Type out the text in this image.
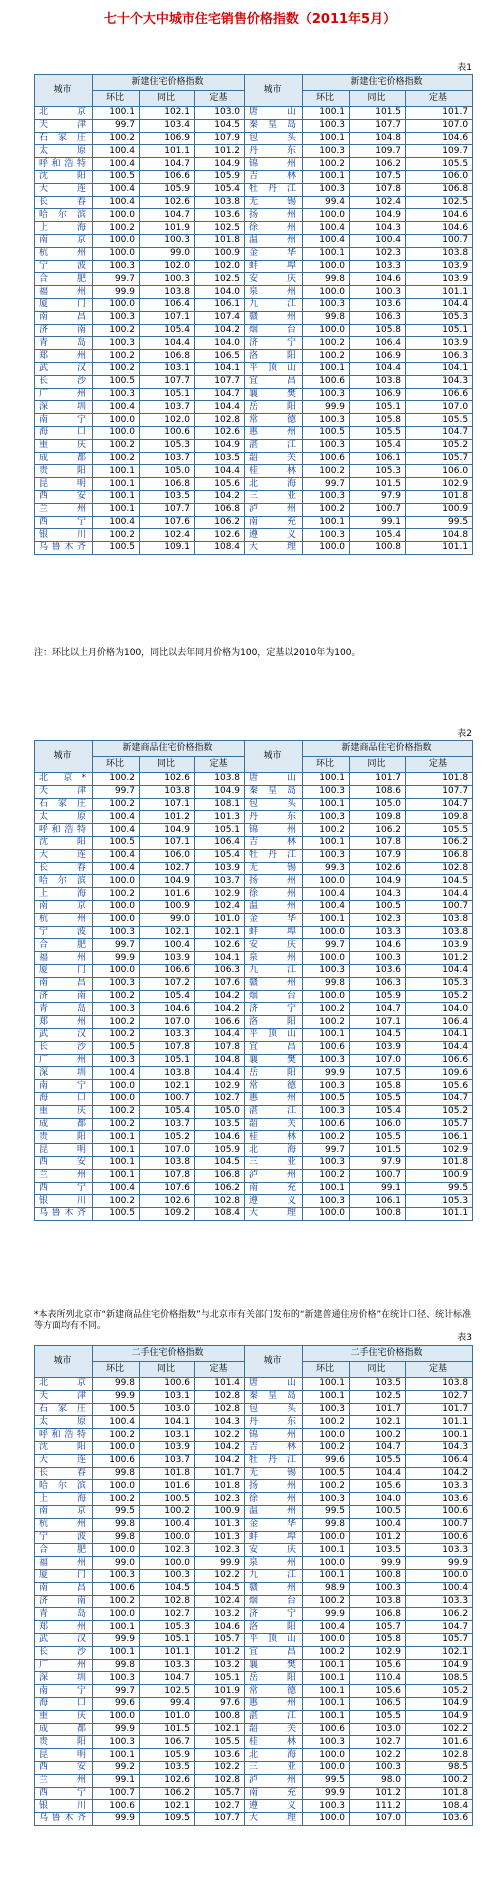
七十个大中城市住宅销售价格指数（2011年5月）
表1
城市	新建住宅价格指数			城市	新建住宅价格指数		
	环比	同比	定基		环比	同比	定基
北　京	100.1	102.1	103.0	唐　山	100.1	101.5	101.7
天　津	99.7	103.4	104.5	秦皇岛	100.3	107.7	107.0
石家庄	100.2	106.9	107.9	包　头	100.1	104.8	104.6
太　原	100.4	101.1	101.2	丹　东	100.3	109.7	109.7
呼和浩特	100.4	104.7	104.9	锦　州	100.2	106.2	105.5
沈　阳	100.5	106.6	105.9	吉　林	100.1	107.5	106.0
大　连	100.4	105.9	105.4	牡丹江	100.3	107.8	106.8
长　春	100.4	102.6	103.8	无　锡	99.4	102.4	102.5
哈尔滨	100.0	104.7	103.6	扬　州	100.0	104.9	104.6
上　海	100.2	101.9	102.5	徐　州	100.4	104.3	104.6
南　京	100.0	100.3	101.8	温　州	100.4	100.4	100.7
杭　州	100.0	99.0	100.9	金　华	100.1	102.3	103.8
宁　波	100.3	102.0	102.0	蚌　埠	100.0	103.3	103.9
合　肥	99.7	100.3	102.5	安　庆	99.8	104.6	103.9
福　州	99.9	103.8	104.0	泉　州	100.0	100.3	101.1
厦　门	100.0	106.4	106.1	九　江	100.3	103.6	104.4
南　昌	100.3	107.1	107.4	赣　州	99.8	106.3	105.3
济　南	100.2	105.4	104.2	烟　台	100.0	105.8	105.1
青　岛	100.3	104.4	104.0	济　宁	100.2	106.4	103.9
郑　州	100.2	106.8	106.5	洛　阳	100.2	106.9	106.3
武　汉	100.2	103.1	104.1	平顶山	100.1	104.4	104.1
长　沙	100.5	107.7	107.7	宜　昌	100.6	103.8	104.3
广　州	100.3	105.1	104.7	襄　樊	100.3	106.9	106.6
深　圳	100.4	103.7	104.4	岳　阳	99.9	105.1	107.0
南　宁	100.0	102.0	102.8	常　德	100.3	105.8	105.5
海　口	100.0	100.6	102.6	惠　州	100.5	105.5	104.7
重　庆	100.2	105.3	104.9	湛　江	100.3	105.4	105.2
成　都	100.2	103.7	103.5	韶　关	100.6	106.1	105.7
贵　阳	100.1	105.0	104.4	桂　林	100.2	105.3	106.0
昆　明	100.1	106.8	105.6	北　海	99.7	101.5	102.9
西　安	100.1	103.5	104.2	三　亚	100.3	97.9	101.8
兰　州	100.1	107.7	106.8	泸　州	100.2	100.7	100.9
西　宁	100.4	107.6	106.2	南　充	100.1	99.1	99.5
银　川	100.2	102.4	102.6	遵　义	100.3	105.4	104.8
乌鲁木齐	100.5	109.1	108.4	大　理	100.0	100.8	101.1
注：环比以上月价格为100，同比以去年同月价格为100，定基以2010年为100。
表2
城市	新建商品住宅价格指数			城市	新建商品住宅价格指数		
	环比	同比	定基		环比	同比	定基
北　京 *	100.2	102.6	103.8	唐　山	100.1	101.7	101.8
天　津	99.7	103.8	104.9	秦皇岛	100.3	108.6	107.7
石家庄	100.2	107.1	108.1	包　头	100.1	105.0	104.7
太　原	100.4	101.2	101.3	丹　东	100.3	109.8	109.8
呼和浩特	100.4	104.9	105.1	锦　州	100.2	106.2	105.5
沈　阳	100.5	107.1	106.4	吉　林	100.1	107.8	106.2
大　连	100.4	106.0	105.4	牡丹江	100.3	107.9	106.8
长　春	100.4	102.7	103.9	无　锡	99.3	102.6	102.8
哈尔滨	100.0	104.9	103.7	扬　州	100.0	104.9	104.5
上　海	100.2	101.6	102.9	徐　州	100.4	104.3	104.4
南　京	100.0	100.9	102.4	温　州	100.4	100.5	100.7
杭　州	100.0	99.0	101.0	金　华	100.1	102.3	103.8
宁　波	100.3	102.1	102.1	蚌　埠	100.0	103.3	103.8
合　肥	99.7	100.4	102.6	安　庆	99.7	104.6	103.9
福　州	99.9	103.9	104.1	泉　州	100.0	100.3	101.2
厦　门	100.0	106.6	106.3	九　江	100.3	103.6	104.4
南　昌	100.3	107.2	107.6	赣　州	99.8	106.3	105.3
济　南	100.2	105.4	104.2	烟　台	100.0	105.9	105.2
青　岛	100.3	104.6	104.2	济　宁	100.2	104.7	104.0
郑　州	100.2	107.0	106.6	洛　阳	100.2	107.1	106.4
武　汉	100.2	103.3	104.4	平顶山	100.1	104.5	104.1
长　沙	100.5	107.8	107.8	宜　昌	100.6	103.9	104.4
广　州	100.3	105.1	104.8	襄　樊	100.3	107.0	106.6
深　圳	100.4	103.8	104.4	岳　阳	99.9	107.5	109.6
南　宁	100.0	102.1	102.9	常　德	100.3	105.8	105.6
海　口	100.0	100.7	102.7	惠　州	100.5	105.5	104.7
重　庆	100.2	105.4	105.0	湛　江	100.3	105.4	105.2
成　都	100.2	103.7	103.5	韶　关	100.6	106.0	105.7
贵　阳	100.1	105.2	104.6	桂　林	100.2	105.5	106.1
昆　明	100.1	107.0	105.9	北　海	99.7	101.5	102.9
西　安	100.1	103.8	104.5	三　亚	100.3	97.9	101.8
兰　州	100.1	107.8	106.8	泸　州	100.2	100.7	100.9
西　宁	100.4	107.6	106.2	南　充	100.1	99.1	99.5
银　川	100.2	102.6	102.8	遵　义	100.3	106.1	105.3
乌鲁木齐	100.5	109.2	108.4	大　理	100.0	100.8	101.1
*本表所列北京市“新建商品住宅价格指数”与北京市有关部门发布的“新建普通住房价格”在统计口径、统计标准等方面均有不同。
表3
城市	二手住宅价格指数			城市	二手住宅价格指数		
	环比	同比	定基		环比	同比	定基
北　京	99.8	100.6	101.4	唐　山	100.1	103.5	103.8
天　津	99.9	103.1	102.8	秦皇岛	100.1	102.5	102.7
石家庄	100.5	103.0	102.8	包　头	100.3	101.7	101.7
太　原	100.4	104.1	104.3	丹　东	100.2	102.1	101.1
呼和浩特	100.2	103.1	102.2	锦　州	100.0	100.2	100.1
沈　阳	100.0	103.9	104.2	吉　林	100.2	104.7	104.3
大　连	100.6	103.7	104.2	牡丹江	99.6	105.5	106.4
长　春	99.8	101.8	101.7	无　锡	100.5	104.4	104.2
哈尔滨	100.0	101.6	101.8	扬　州	100.2	105.6	103.3
上　海	100.2	100.5	102.3	徐　州	100.3	104.0	103.6
南　京	99.5	100.2	100.9	温　州	99.5	100.5	100.6
杭　州	99.8	100.4	101.3	金　华	99.8	100.4	100.7
宁　波	99.8	100.0	101.3	蚌　埠	100.0	101.2	100.6
合　肥	100.0	102.3	102.3	安　庆	100.1	103.5	103.3
福　州	99.0	100.0	99.9	泉　州	100.0	99.9	99.9
厦　门	100.3	100.3	102.2	九　江	100.1	100.8	100.0
南　昌	100.6	104.5	104.5	赣　州	98.9	100.3	100.4
济　南	100.2	102.8	102.4	烟　台	100.2	103.8	103.3
青　岛	100.0	102.7	103.2	济　宁	99.9	106.8	106.2
郑　州	100.1	105.3	104.6	洛　阳	100.4	105.7	104.7
武　汉	99.9	105.1	105.7	平顶山	100.0	105.8	105.7
长　沙	100.1	101.1	101.2	宜　昌	100.2	102.9	102.1
广　州	99.8	103.3	103.2	襄　樊	100.1	105.6	104.9
深　圳	100.3	104.7	105.1	岳　阳	100.1	110.4	108.5
南　宁	99.7	102.5	101.9	常　德	100.1	105.6	105.2
海　口	99.6	99.4	97.6	惠　州	100.1	106.5	104.9
重　庆	100.0	101.0	100.8	湛　江	100.1	105.5	104.9
成　都	99.9	101.5	102.1	韶　关	100.6	103.0	102.2
贵　阳	100.3	106.7	105.5	桂　林	100.3	102.7	101.6
昆　明	100.1	105.9	103.6	北　海	100.0	102.2	102.8
西　安	99.2	103.5	102.2	三　亚	100.0	100.3	98.5
兰　州	99.1	102.6	102.8	泸　州	99.5	98.0	100.2
西　宁	100.7	106.2	105.7	南　充	99.9	101.2	101.8
银　川	100.6	102.1	102.7	遵　义	100.3	111.2	108.4
乌鲁木齐	99.9	109.5	107.7	大　理	100.0	107.0	103.6
